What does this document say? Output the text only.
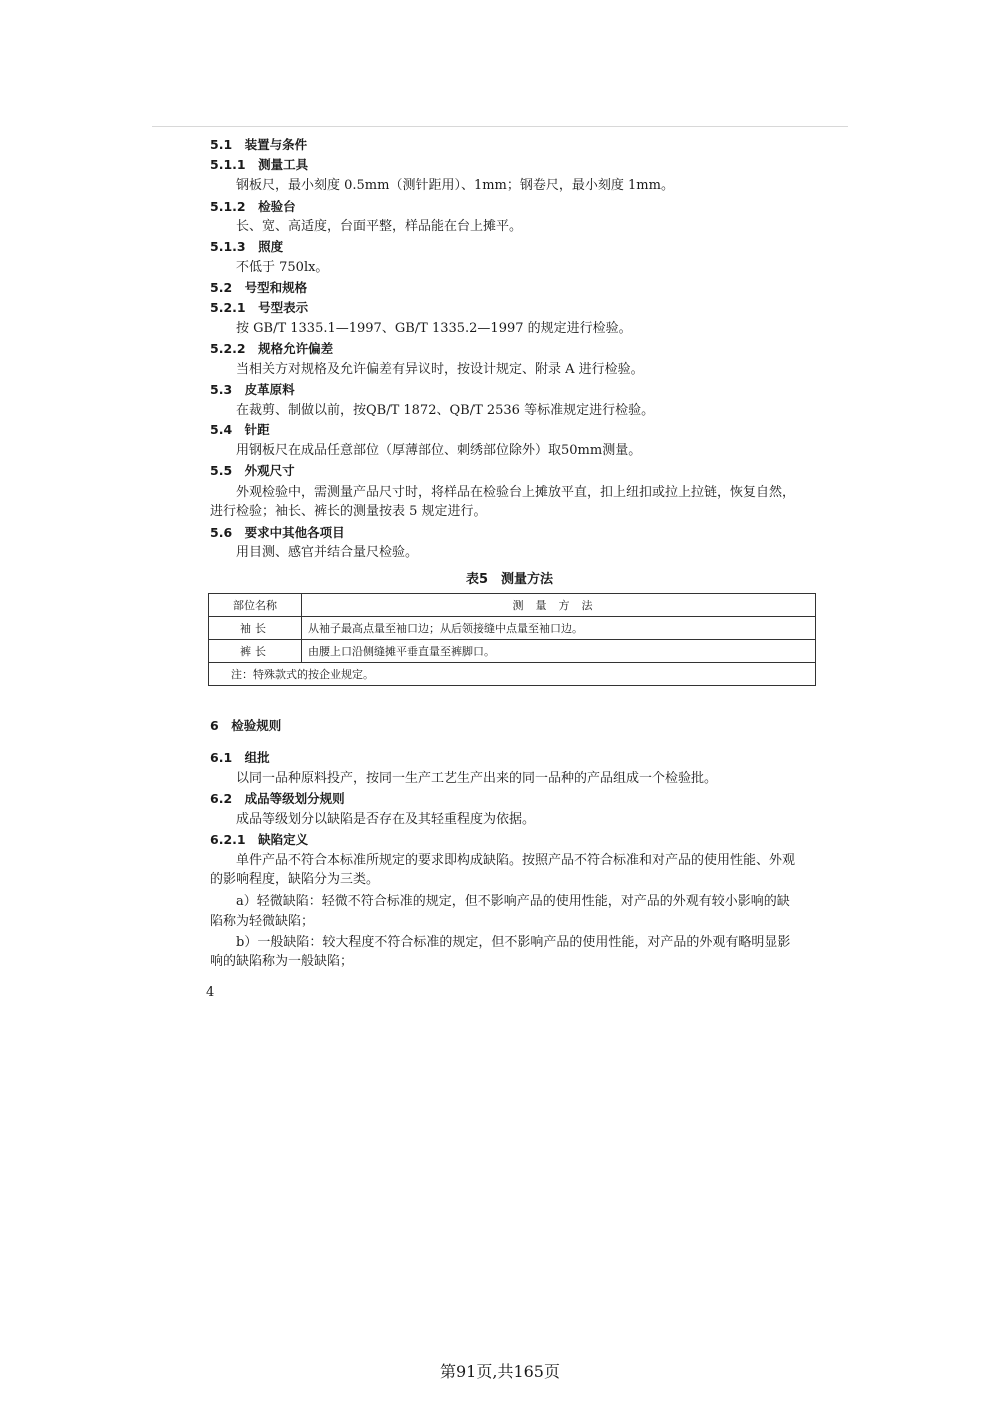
5.1　装置与条件
5.1.1　测量工具
钢板尺，最小刻度 0.5mm（测针距用）、1mm；钢卷尺，最小刻度 1mm。
5.1.2　检验台
长、宽、高适度，台面平整，样品能在台上摊平。
5.1.3　照度
不低于 750lx。
5.2　号型和规格
5.2.1　号型表示
按 GB/T 1335.1—1997、GB/T 1335.2—1997 的规定进行检验。
5.2.2　规格允许偏差
当相关方对规格及允许偏差有异议时，按设计规定、附录 A 进行检验。
5.3　皮革原料
在裁剪、制做以前，按QB/T 1872、QB/T 2536 等标准规定进行检验。
5.4　针距
用钢板尺在成品任意部位（厚薄部位、刺绣部位除外）取50mm测量。
5.5　外观尺寸
外观检验中，需测量产品尺寸时，将样品在检验台上摊放平直，扣上纽扣或拉上拉链，恢复自然，
进行检验；袖长、裤长的测量按表 5 规定进行。
5.6　要求中其他各项目
用目测、感官并结合量尺检验。
表5　测量方法
部位名称	测量方法
袖长	从袖子最高点量至袖口边；从后领接缝中点量至袖口边。
裤长	由腰上口沿侧缝摊平垂直量至裤脚口。
注：特殊款式的按企业规定。	
6　检验规则
6.1　组批
以同一品种原料投产，按同一生产工艺生产出来的同一品种的产品组成一个检验批。
6.2　成品等级划分规则
成品等级划分以缺陷是否存在及其轻重程度为依据。
6.2.1　缺陷定义
单件产品不符合本标准所规定的要求即构成缺陷。按照产品不符合标准和对产品的使用性能、外观
的影响程度，缺陷分为三类。
a）轻微缺陷：轻微不符合标准的规定，但不影响产品的使用性能，对产品的外观有较小影响的缺
陷称为轻微缺陷；
b）一般缺陷：较大程度不符合标准的规定，但不影响产品的使用性能，对产品的外观有略明显影
响的缺陷称为一般缺陷；
4
第91页,共165页
